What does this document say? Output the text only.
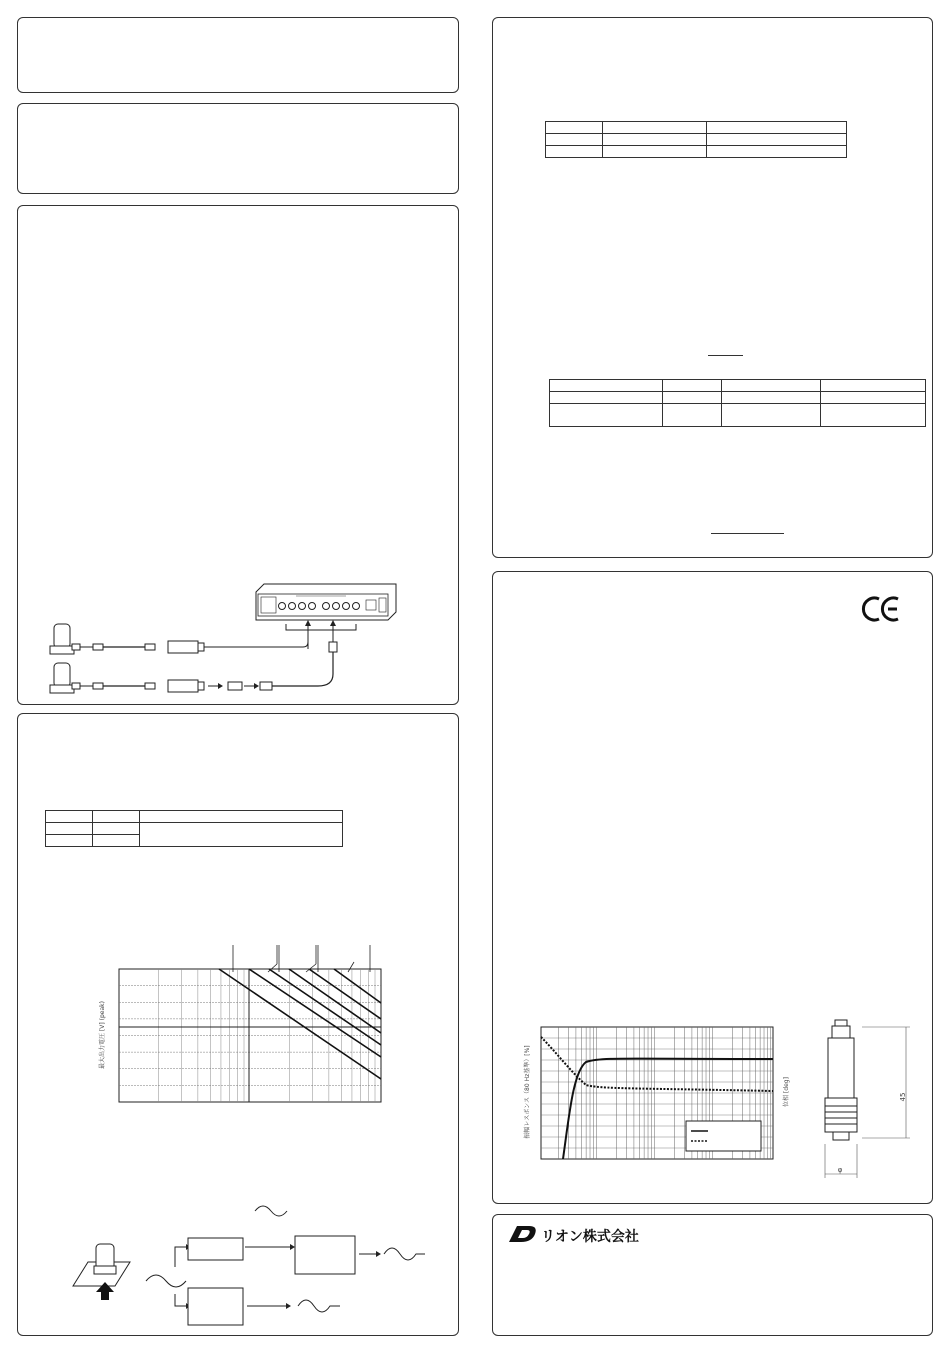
最大出力電圧 [V] (peak)

振幅レスポンス（80 Hz基準）[%]	位相 [deg]	45
φ
リオン株式会社
